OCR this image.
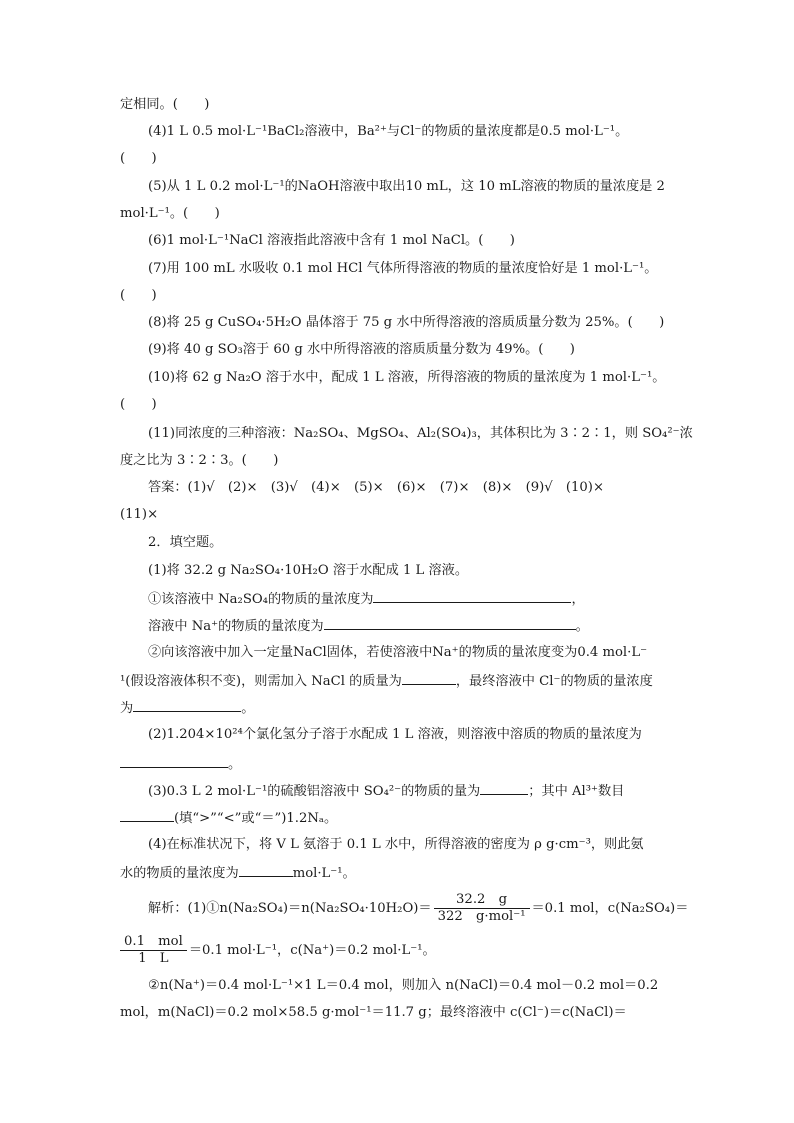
定相同。(　　)
(4)1 L 0.5 mol·L⁻¹BaCl₂溶液中，Ba²⁺与Cl⁻的物质的量浓度都是0.5 mol·L⁻¹。
(　　)
(5)从 1 L 0.2 mol·L⁻¹的NaOH溶液中取出10 mL，这 10 mL溶液的物质的量浓度是 2
mol·L⁻¹。(　　)
(6)1 mol·L⁻¹NaCl 溶液指此溶液中含有 1 mol NaCl。(　　)
(7)用 100 mL 水吸收 0.1 mol HCl 气体所得溶液的物质的量浓度恰好是 1 mol·L⁻¹。
(　　)
(8)将 25 g CuSO₄·5H₂O 晶体溶于 75 g 水中所得溶液的溶质质量分数为 25%。(　　)
(9)将 40 g SO₃溶于 60 g 水中所得溶液的溶质质量分数为 49%。(　　)
(10)将 62 g Na₂O 溶于水中，配成 1 L 溶液，所得溶液的物质的量浓度为 1 mol·L⁻¹。
(　　)
(11)同浓度的三种溶液：Na₂SO₄、MgSO₄、Al₂(SO₄)₃，其体积比为 3∶2∶1，则 SO₄²⁻浓
度之比为 3∶2∶3。(　　)
答案：(1)√　(2)×　(3)√　(4)×　(5)×　(6)×　(7)×　(8)×　(9)√　(10)×
(11)×
2．填空题。
(1)将 32.2 g Na₂SO₄·10H₂O 溶于水配成 1 L 溶液。
①该溶液中 Na₂SO₄的物质的量浓度为	，
溶液中 Na⁺的物质的量浓度为	。
②向该溶液中加入一定量NaCl固体，若使溶液中Na⁺的物质的量浓度变为0.4 mol·L⁻
¹(假设溶液体积不变)，则需加入 NaCl 的质量为	，最终溶液中 Cl⁻的物质的量浓度
为	。
(2)1.204×10²⁴个氯化氢分子溶于水配成 1 L 溶液，则溶液中溶质的物质的量浓度为
。
(3)0.3 L 2 mol·L⁻¹的硫酸铝溶液中 SO₄²⁻的物质的量为	；其中 Al³⁺数目
(填“>”“<”或“＝”)1.2Nₐ。
(4)在标准状况下，将 V L 氨溶于 0.1 L 水中，所得溶液的密度为 ρ g·cm⁻³，则此氨
水的物质的量浓度为	mol·L⁻¹。
解析：(1)①n(Na₂SO₄)＝n(Na₂SO₄·10H₂O)＝ $\frac{32.2 g}{\text{322　g·mol⁻¹}} =0.1$ mol，c(Na₂SO₄)＝
$\frac{\text{0.1　mol}}{1 L} =0.1$ mol·L⁻¹，c(Na⁺)＝0.2 mol·L⁻¹。
②n(Na⁺)＝0.4 mol·L⁻¹×1 L＝0.4 mol，则加入 n(NaCl)＝0.4 mol－0.2 mol＝0.2
mol，m(NaCl)＝0.2 mol×58.5 g·mol⁻¹＝11.7 g；最终溶液中 c(Cl⁻)＝c(NaCl)＝
